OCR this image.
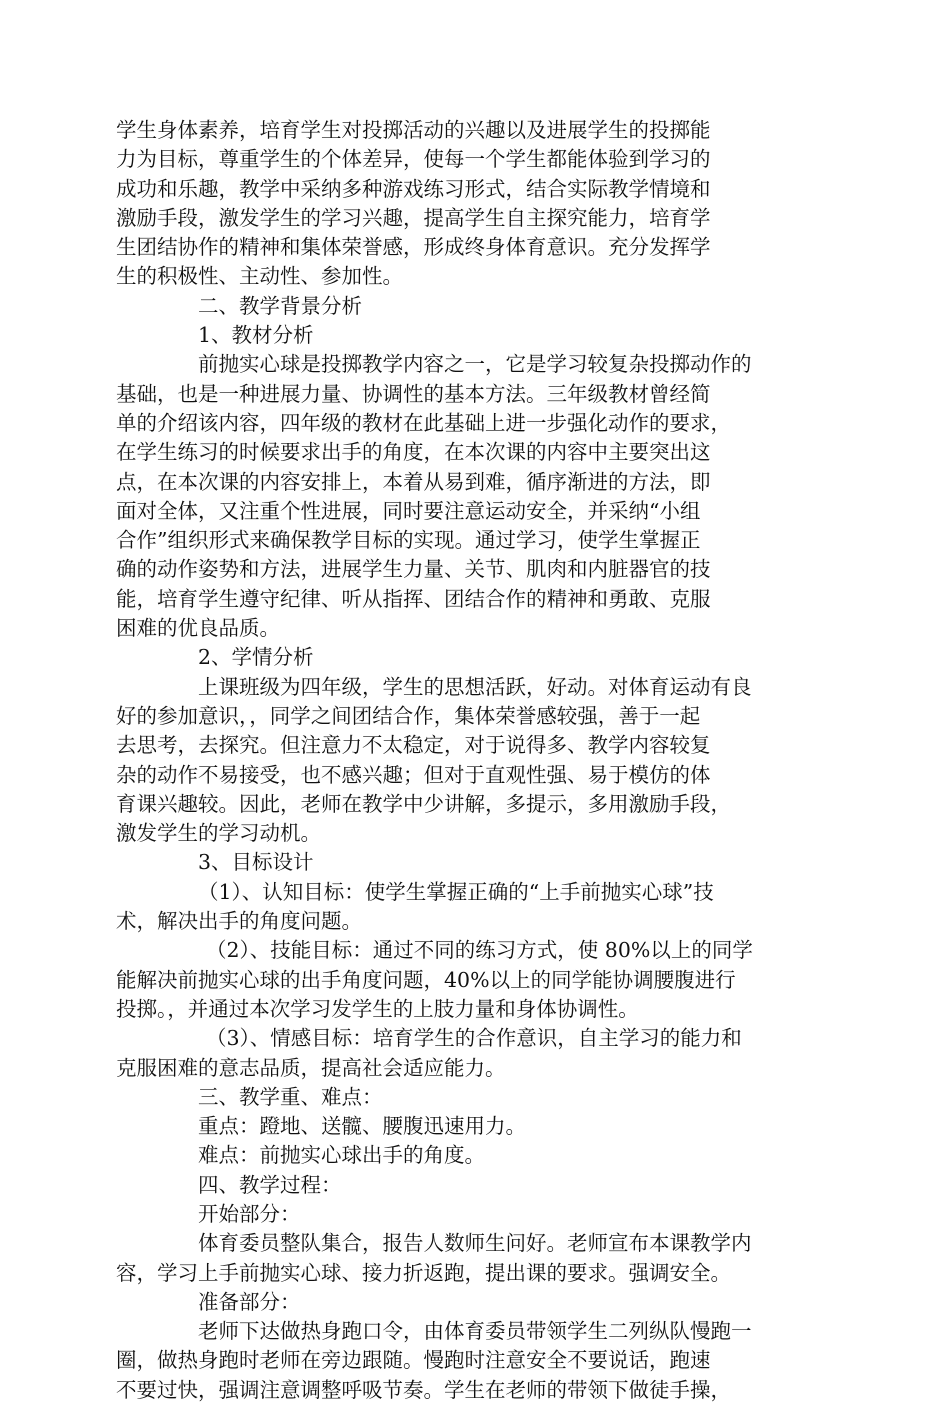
学生身体素养，培育学生对投掷活动的兴趣以及进展学生的投掷能
力为目标，尊重学生的个体差异，使每一个学生都能体验到学习的
成功和乐趣，教学中采纳多种游戏练习形式，结合实际教学情境和
激励手段，激发学生的学习兴趣，提高学生自主探究能力，培育学
生团结协作的精神和集体荣誉感，形成终身体育意识。充分发挥学
生的积极性、主动性、参加性。
二、教学背景分析
1、教材分析
前抛实心球是投掷教学内容之一，它是学习较复杂投掷动作的
基础，也是一种进展力量、协调性的基本方法。三年级教材曾经简
单的介绍该内容，四年级的教材在此基础上进一步强化动作的要求，
在学生练习的时候要求出手的角度，在本次课的内容中主要突出这
点，在本次课的内容安排上，本着从易到难，循序渐进的方法，即
面对全体，又注重个性进展，同时要注意运动安全，并采纳“小组
合作”组织形式来确保教学目标的实现。通过学习，使学生掌握正
确的动作姿势和方法，进展学生力量、关节、肌肉和内脏器官的技
能，培育学生遵守纪律、听从指挥、团结合作的精神和勇敢、克服
困难的优良品质。
2、学情分析
上课班级为四年级，学生的思想活跃，好动。对体育运动有良
好的参加意识，，同学之间团结合作，集体荣誉感较强，善于一起
去思考，去探究。但注意力不太稳定，对于说得多、教学内容较复
杂的动作不易接受，也不感兴趣；但对于直观性强、易于模仿的体
育课兴趣较。因此，老师在教学中少讲解，多提示，多用激励手段，
激发学生的学习动机。
3、目标设计
（1）、认知目标：使学生掌握正确的“上手前抛实心球”技
术，解决出手的角度问题。
（2）、技能目标：通过不同的练习方式，使 80%以上的同学
能解决前抛实心球的出手角度问题，40%以上的同学能协调腰腹进行
投掷。，并通过本次学习发学生的上肢力量和身体协调性。
（3）、情感目标：培育学生的合作意识，自主学习的能力和
克服困难的意志品质，提高社会适应能力。
三、教学重、难点：
重点：蹬地、送髋、腰腹迅速用力。
难点：前抛实心球出手的角度。
四、教学过程：
开始部分：
体育委员整队集合，报告人数师生问好。老师宣布本课教学内
容，学习上手前抛实心球、接力折返跑，提出课的要求。强调安全。
准备部分：
老师下达做热身跑口令，由体育委员带领学生二列纵队慢跑一
圈，做热身跑时老师在旁边跟随。慢跑时注意安全不要说话，跑速
不要过快，强调注意调整呼吸节奏。学生在老师的带领下做徒手操，
